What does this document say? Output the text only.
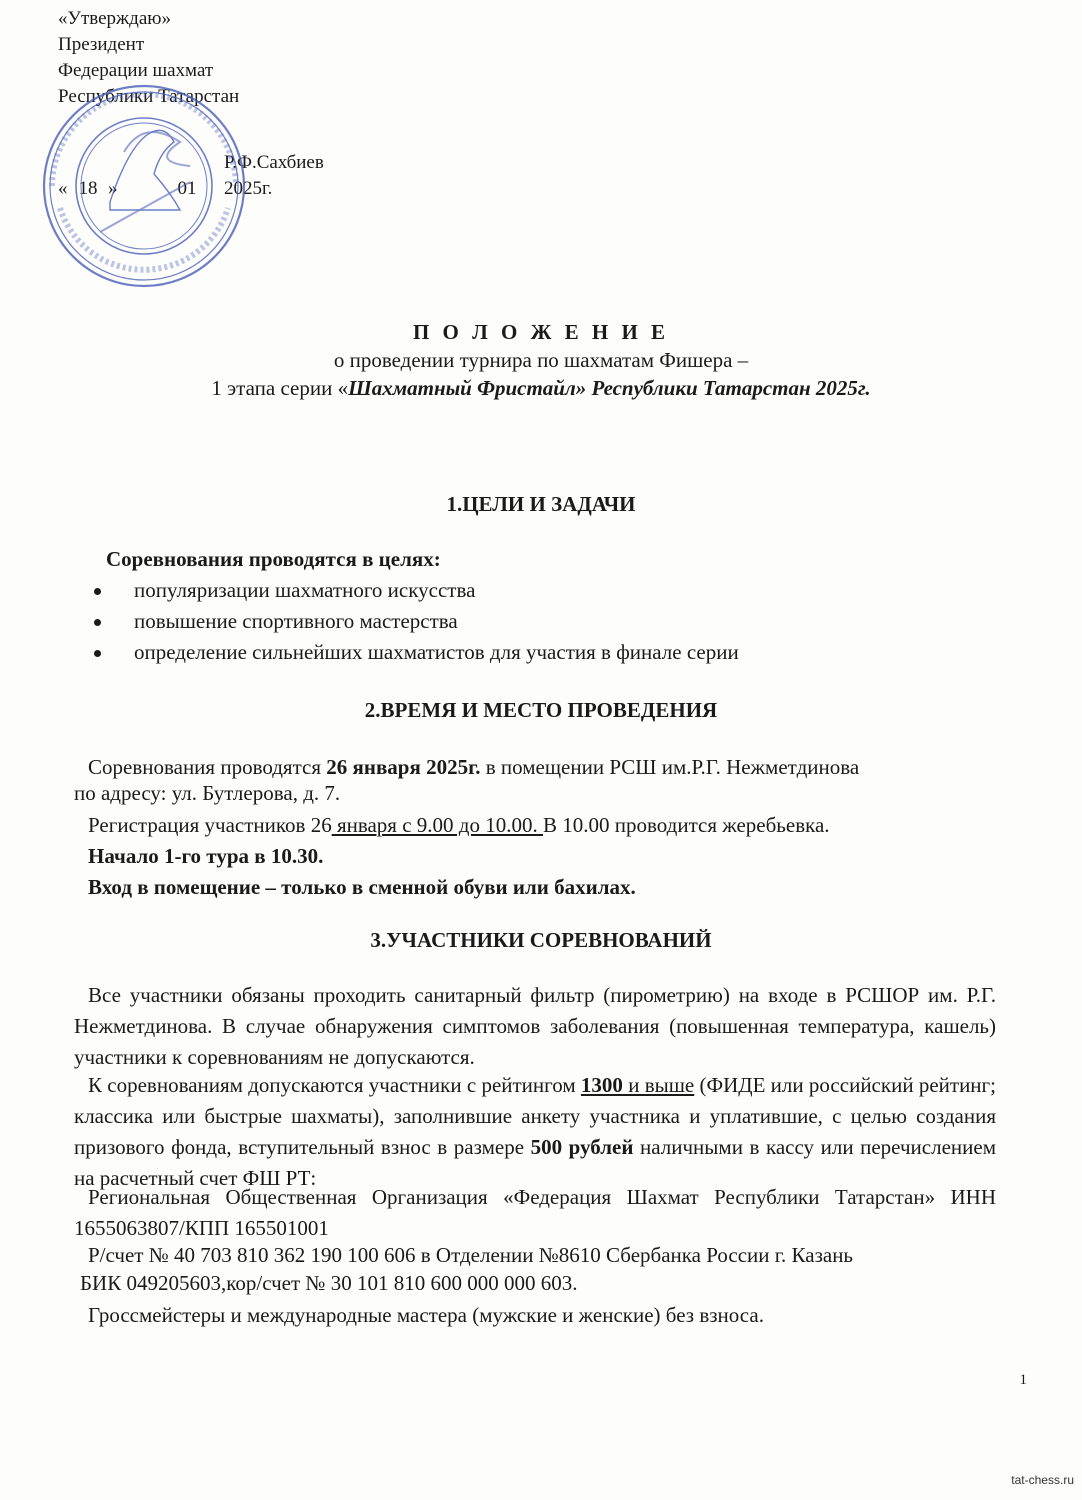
«Утверждаю»
Президент
Федерации шахмат
Республики Татарстан
Р.Ф.Сахбиев
« 18 »	01 2025г.
П О Л О Ж Е Н И Е
о проведении турнира по шахматам Фишера –
1 этапа серии «Шахматный Фристайл» Республики Татарстан 2025г.
1.ЦЕЛИ И ЗАДАЧИ
Соревнования проводятся в целях:
популяризации шахматного искусства
повышение спортивного мастерства
определение сильнейших шахматистов для участия в финале серии
2.ВРЕМЯ И МЕСТО ПРОВЕДЕНИЯ
Соревнования проводятся 26 января 2025г. в помещении РСШ им.Р.Г. Нежметдинова
по адресу: ул. Бутлерова, д. 7.
Регистрация участников 26 января с 9.00 до 10.00. В 10.00 проводится жеребьевка.
Начало 1-го тура в 10.30.
Вход в помещение – только в сменной обуви или бахилах.
3.УЧАСТНИКИ СОРЕВНОВАНИЙ
Все участники обязаны проходить санитарный фильтр (пирометрию) на входе в РСШОР им. Р.Г. Нежметдинова. В случае обнаружения симптомов заболевания (повышенная температура, кашель) участники к соревнованиям не допускаются.
К соревнованиям допускаются участники с рейтингом 1300 и выше (ФИДЕ или российский рейтинг; классика или быстрые шахматы), заполнившие анкету участника и уплатившие, с целью создания призового фонда, вступительный взнос в размере 500 рублей наличными в кассу или перечислением на расчетный счет ФШ РТ:
Региональная Общественная Организация «Федерация Шахмат Республики Татарстан» ИНН 1655063807/КПП 165501001
Р/счет № 40 703 810 362 190 100 606 в Отделении №8610 Сбербанка России г. Казань
БИК 049205603,кор/счет № 30 101 810 600 000 000 603.
Гроссмейстеры и международные мастера (мужские и женские) без взноса.
1
tat-chess.ru
